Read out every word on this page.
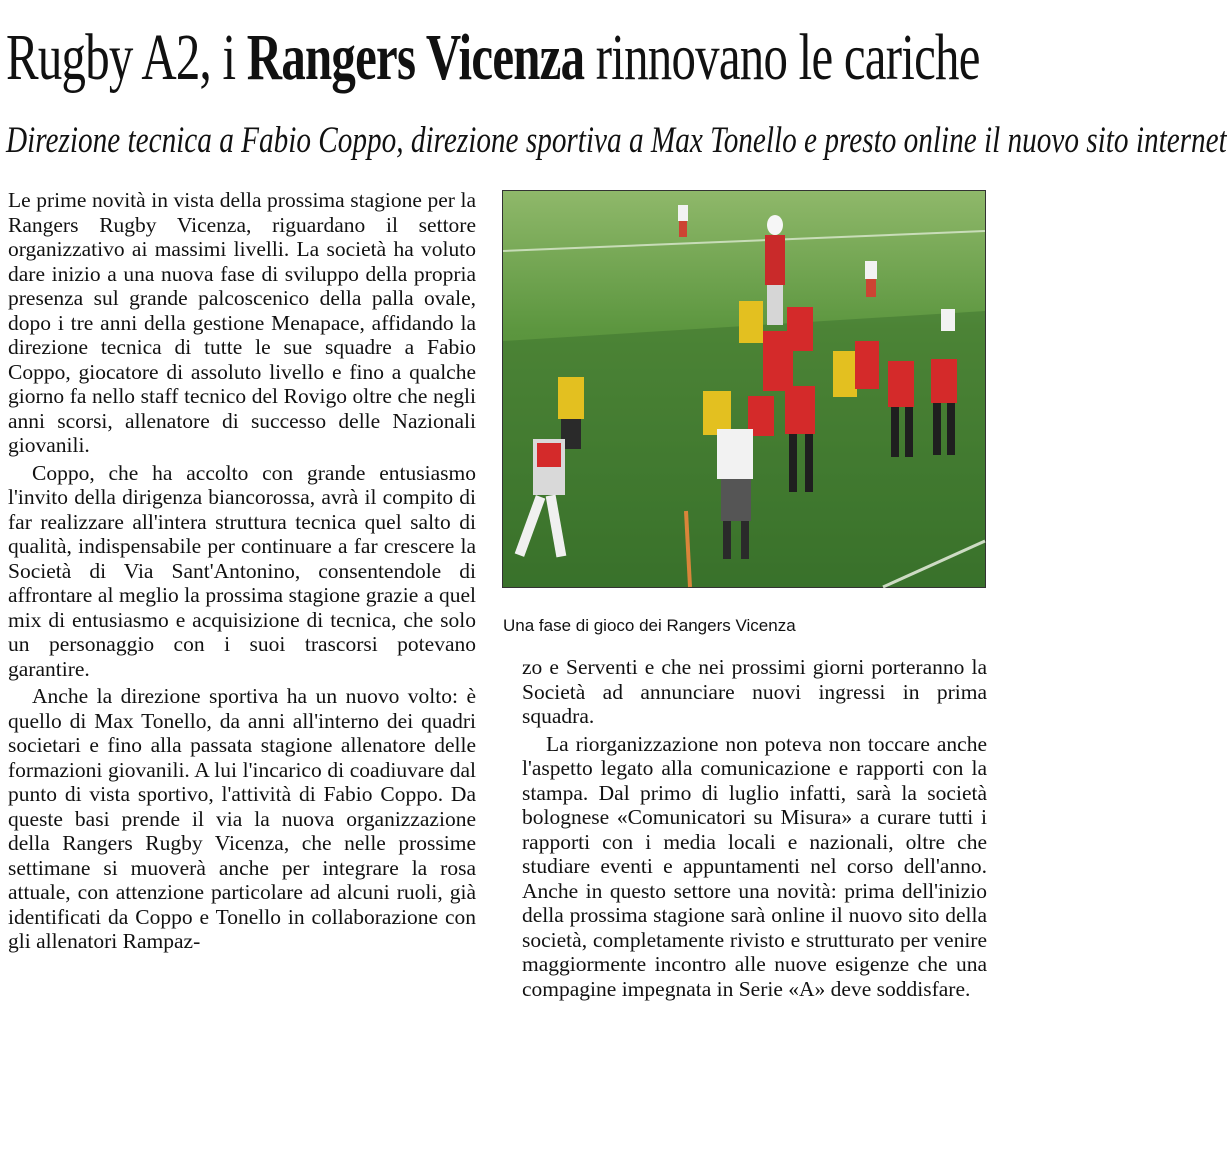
Rugby A2, i Rangers Vicenza rinnovano le cariche
Direzione tecnica a Fabio Coppo, direzione sportiva a Max Tonello e presto online il nuovo sito internet

Le prime novità in vista della prossima stagione per la Rangers Rugby Vicenza, riguardano il settore organizzativo ai massimi livelli. La società ha voluto dare inizio a una nuova fase di sviluppo della propria presenza sul grande palcoscenico della palla ovale, dopo i tre anni della gestione Menapace, affidando la direzione tecnica di tutte le sue squadre a Fabio Coppo, giocatore di assoluto livello e fino a qualche giorno fa nello staff tecnico del Rovigo oltre che negli anni scorsi, allenatore di successo delle Nazionali giovanili.

Coppo, che ha accolto con grande entusiasmo l'invito della dirigenza biancorossa, avrà il compito di far realizzare all'intera struttura tecnica quel salto di qualità, indispensabile per continuare a far crescere la Società di Via Sant'Antonino, consentendole di affrontare al meglio la prossima stagione grazie a quel mix di entusiasmo e acquisizione di tecnica, che solo un personaggio con i suoi trascorsi potevano garantire.

Anche la direzione sportiva ha un nuovo volto: è quello di Max Tonello, da anni all'interno dei quadri societari e fino alla passata stagione allenatore delle formazioni giovanili. A lui l'incarico di coadiuvare dal punto di vista sportivo, l'attività di Fabio Coppo. Da queste basi prende il via la nuova organizzazione della Rangers Rugby Vicenza, che nelle prossime settimane si muoverà anche per integrare la rosa attuale, con attenzione particolare ad alcuni ruoli, già identificati da Coppo e Tonello in collaborazione con gli allenatori Rampaz-

Una fase di gioco dei Rangers Vicenza

zo e Serventi e che nei prossimi giorni porteranno la Società ad annunciare nuovi ingressi in prima squadra.

La riorganizzazione non poteva non toccare anche l'aspetto legato alla comunicazione e rapporti con la stampa. Dal primo di luglio infatti, sarà la società bolognese «Comunicatori su Misura» a curare tutti i rapporti con i media locali e nazionali, oltre che studiare eventi e appuntamenti nel corso dell'anno. Anche in questo settore una novità: prima dell'inizio della prossima stagione sarà online il nuovo sito della società, completamente rivisto e strutturato per venire maggiormente incontro alle nuove esigenze che una compagine impegnata in Serie «A» deve soddisfare.
